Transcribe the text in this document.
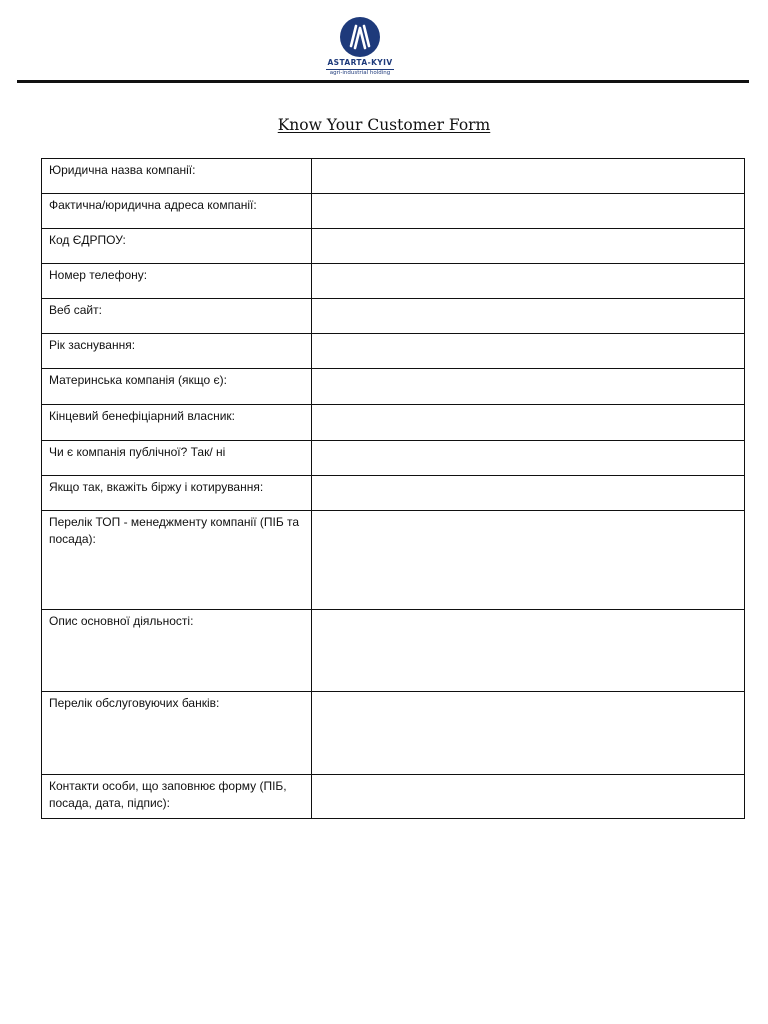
ASTARTA-KYIV
agri-industrial holding
Know Your Customer Form
Юридична назва компанії:	

Фактична/юридична адреса компанії:	

Код ЄДРПОУ:	

Номер телефону:	

Веб сайт:	

Рік заснування:	

Материнська компанія (якщо є):	

Кінцевий бенефіціарний власник:	

Чи є компанія публічної? Так/ ні	

Якщо так, вкажіть біржу і котирування:	

Перелік ТОП - менеджменту компанії (ПІБ та посада):	

Опис основної діяльності:	

Перелік обслуговуючих банків:	

Контакти особи, що заповнює форму (ПІБ, посада, дата, підпис):	
